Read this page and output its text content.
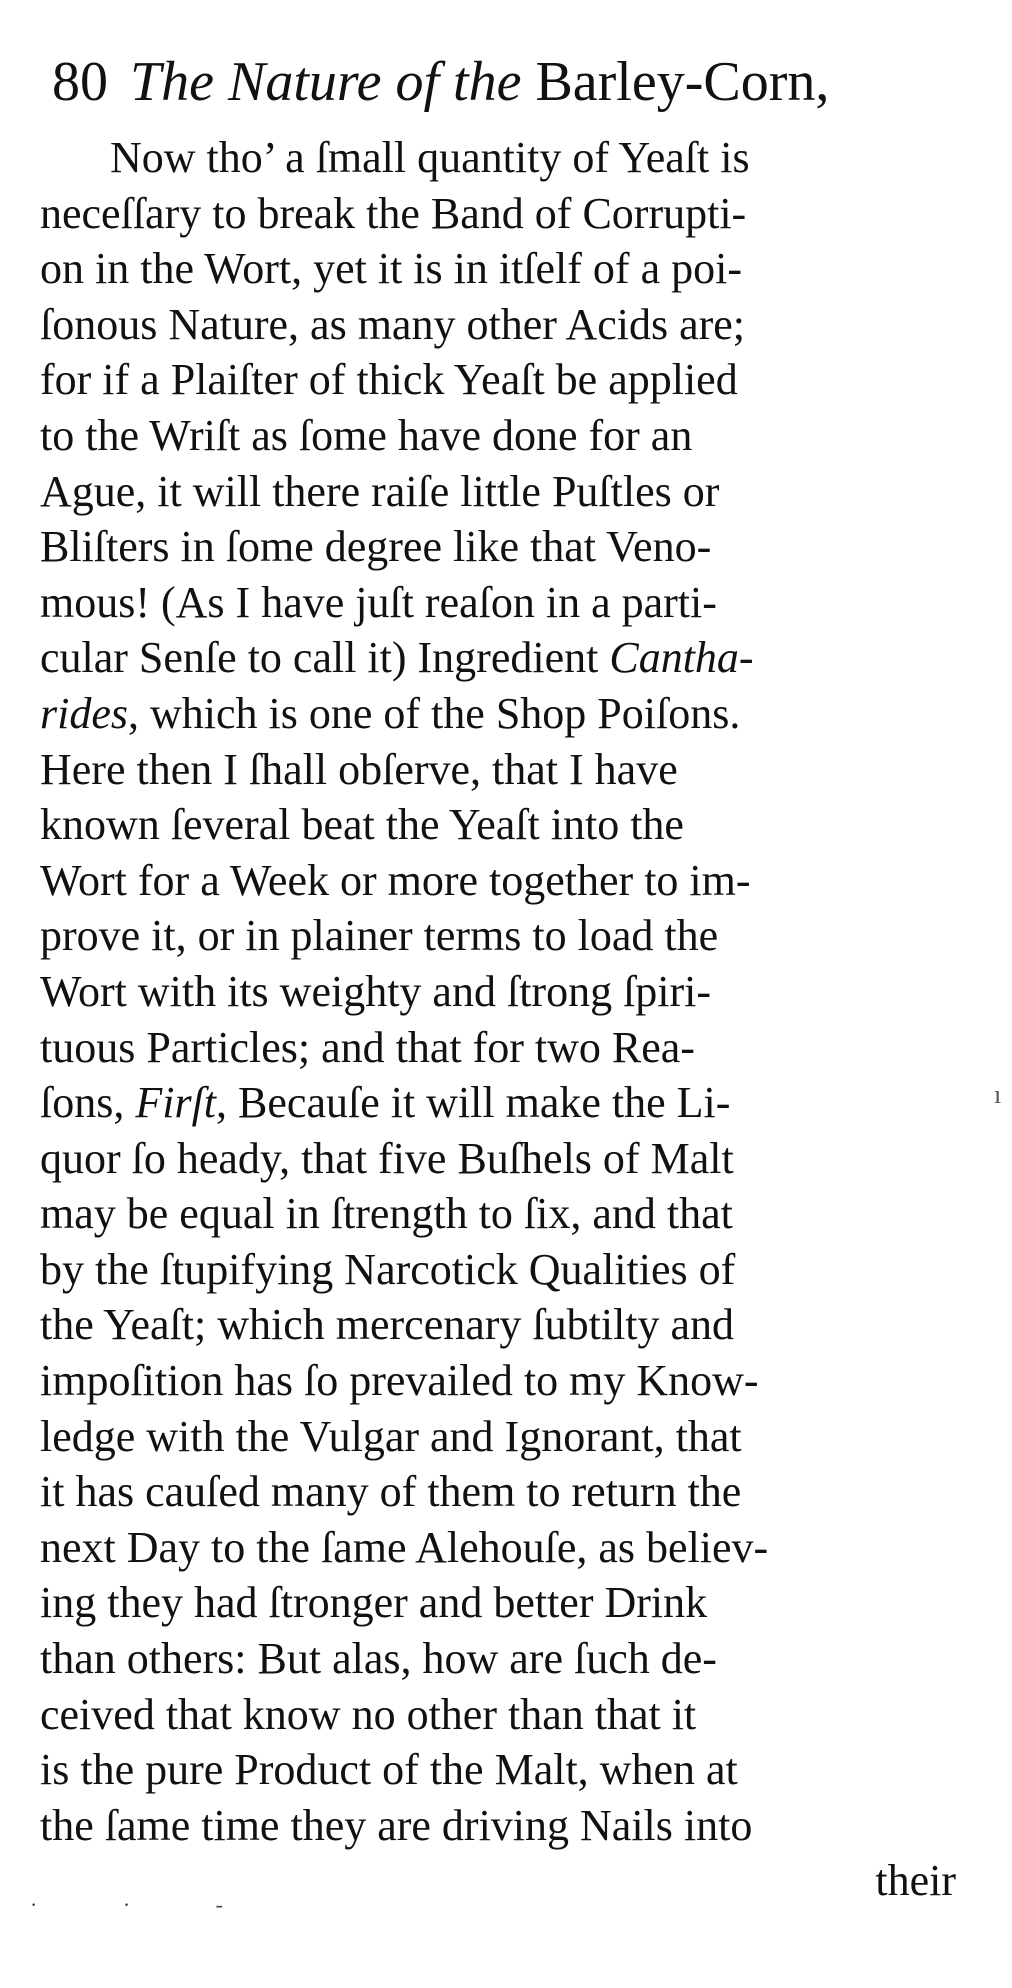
80 The Nature of the Barley-Corn,
Now tho’ a ſmall quantity of Yeaſt is
neceſſary to break the Band of Corrupti-
on in the Wort, yet it is in itſelf of a poi-
ſonous Nature, as many other Acids are;
for if a Plaiſter of thick Yeaſt be applied
to the Wriſt as ſome have done for an
Ague, it will there raiſe little Puſtles or
Bliſters in ſome degree like that Veno-
mous! (As I have juſt reaſon in a parti-
cular Senſe to call it) Ingredient Cantha-
rides, which is one of the Shop Poiſons.
Here then I ſhall obſerve, that I have
known ſeveral beat the Yeaſt into the
Wort for a Week or more together to im-
prove it, or in plainer terms to load the
Wort with its weighty and ſtrong ſpiri-
tuous Particles; and that for two Rea-
ſons, Firſt, Becauſe it will make the Li-
quor ſo heady, that five Buſhels of Malt
may be equal in ſtrength to ſix, and that
by the ſtupifying Narcotick Qualities of
the Yeaſt; which mercenary ſubtilty and
impoſition has ſo prevailed to my Know-
ledge with the Vulgar and Ignorant, that
it has cauſed many of them to return the
next Day to the ſame Alehouſe, as believ-
ing they had ſtronger and better Drink
than others: But alas, how are ſuch de-
ceived that know no other than that it
is the pure Product of the Malt, when at
the ſame time they are driving Nails into
their
ı
· · -
